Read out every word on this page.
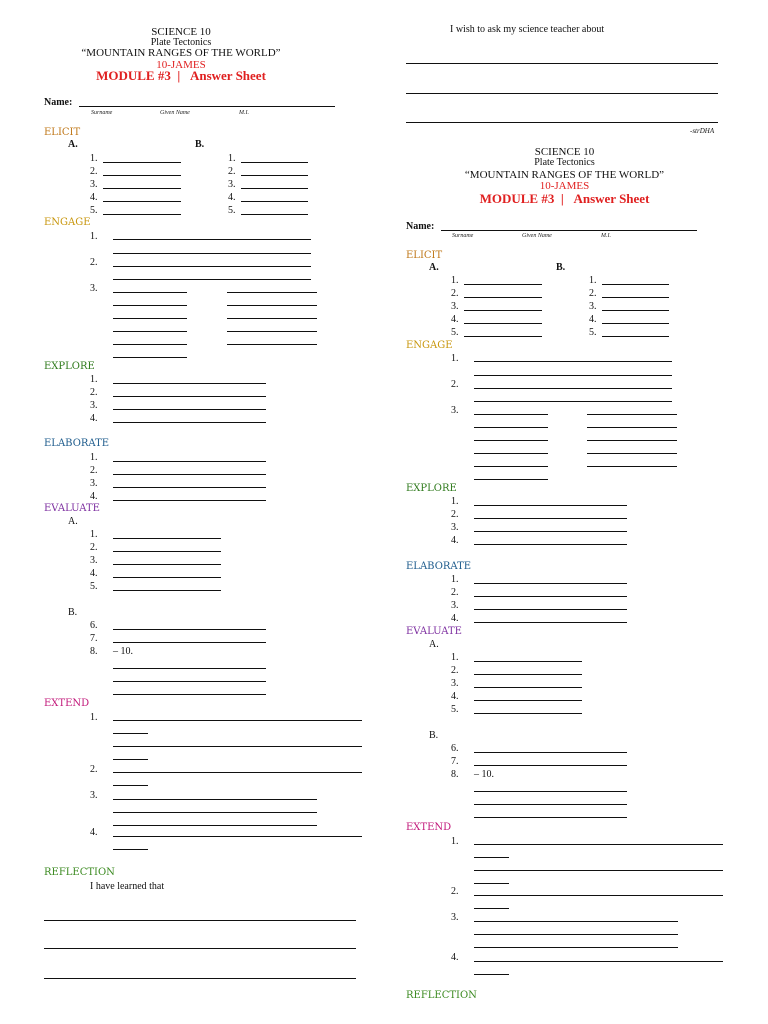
SCIENCE 10
Plate Tectonics
“MOUNTAIN RANGES OF THE WORLD”
10-JAMES
MODULE #3 | Answer Sheet
Name:
Surname	Given Name	M.I.
ELICIT
A.	B.
1.
2.
3.
4.
5.
1.
2.
3.
4.
5.
ENGAGE
1.
2.
3.
EXPLORE
1.
2.
3.
4.
ELABORATE
1.
2.
3.
4.
EVALUATE
A.
1.
2.
3.
4.
5.
B.
6.
7.
8. – 10.
EXTEND
1.
2.
3.
4.
REFLECTION
I have learned that
I wish to ask my science teacher about
-strDHA
SCIENCE 10
Plate Tectonics
“MOUNTAIN RANGES OF THE WORLD”
10-JAMES
MODULE #3 | Answer Sheet
Name:
Surname	Given Name	M.I.
ELICIT
A.	B.
1.
2.
3.
4.
5.
1.
2.
3.
4.
5.
ENGAGE
1.
2.
3.
EXPLORE
1.
2.
3.
4.
ELABORATE
1.
2.
3.
4.
EVALUATE
A.
1.
2.
3.
4.
5.
B.
6.
7.
8. – 10.
EXTEND
1.
2.
3.
4.
REFLECTION
